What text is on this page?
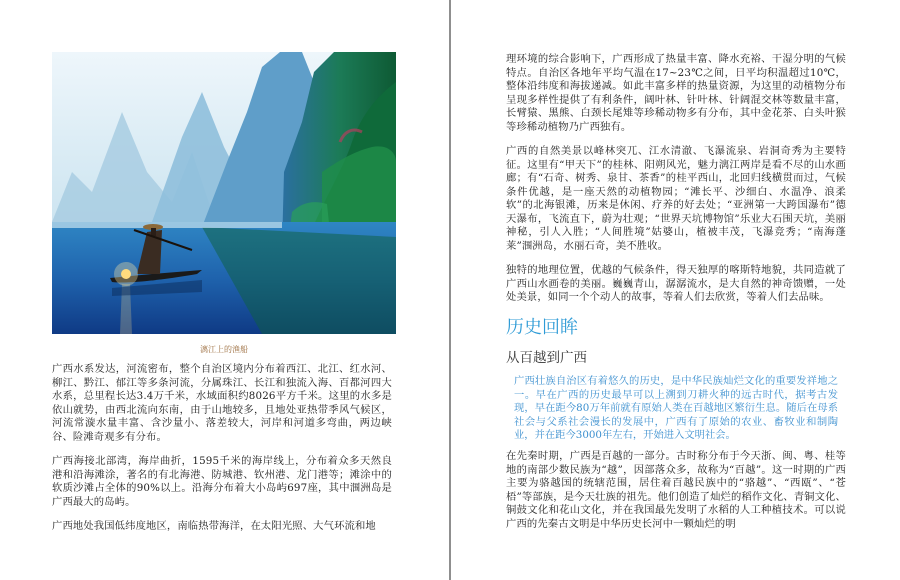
漓江上的渔船

广西水系发达，河流密布，整个自治区境内分布着西江、北江、红水河、柳江、黔江、郁江等多条河流，分属珠江、长江和独流入海、百都河四大水系，总里程长达3.4万千米，水域面积约8026平方千米。这里的水多是依山就势，由西北流向东南，由于山地较多，且地处亚热带季风气候区，河流常漩水量丰富、含沙量小、落差较大，河岸和河道多弯曲，两边峡谷、险滩奇观多有分布。

广西海接北部湾，海岸曲折，1595千米的海岸线上，分布着众多天然良港和沿海滩涂，著名的有北海港、防城港、钦州港、龙门港等；滩涂中的软质沙滩占全体的90%以上。沿海分布着大小岛屿697座，其中涠洲岛是广西最大的岛屿。

广西地处我国低纬度地区，南临热带海洋，在太阳光照、大气环流和地

理环境的综合影响下，广西形成了热量丰富、降水充裕、干湿分明的气候特点。自治区各地年平均气温在17~23℃之间，日平均积温超过10℃，整体沿纬度和海拔递减。如此丰富多样的热量资源，为这里的动植物分布呈现多样性提供了有利条件，阔叶林、针叶林、针阔混交林等数量丰富，长臂猿、黑熊、白颈长尾雉等珍稀动物多有分布，其中金花茶、白头叶猴等珍稀动植物乃广西独有。

广西的自然美景以峰林突兀、江水清澈、飞瀑流泉、岩洞奇秀为主要特征。这里有“甲天下”的桂林、阳朔风光，魅力漓江两岸是看不尽的山水画廊；有“石奇、树秀、泉甘、茶香”的桂平西山，北回归线横贯而过，气候条件优越，是一座天然的动植物园；“滩长平、沙细白、水温净、浪柔软”的北海银滩，历来是休闲、疗养的好去处；“亚洲第一大跨国瀑布”德天瀑布，飞流直下，蔚为壮观；“世界天坑博物馆”乐业大石围天坑，美丽神秘，引人入胜；“人间胜境”姑婆山，植被丰茂，飞瀑竞秀；“南海蓬莱”涠洲岛，水丽石奇，美不胜收。

独特的地理位置，优越的气候条件，得天独厚的喀斯特地貌，共同造就了广西山水画卷的美丽。巍巍青山，潺潺流水，是大自然的神奇馈赠，一处处美景，如同一个个动人的故事，等着人们去欣赏，等着人们去品味。

历史回眸
从百越到广西
广西壮族自治区有着悠久的历史，是中华民族灿烂文化的重要发祥地之一。早在广西的历史最早可以上溯到刀耕火种的远古时代，据考古发现，早在距今80万年前就有原始人类在百越地区繁衍生息。随后在母系社会与父系社会漫长的发展中，广西有了原始的农业、畜牧业和制陶业，并在距今3000年左右，开始进入文明社会。

在先秦时期，广西是百越的一部分。古时称分布于今天浙、闽、粤、桂等地的南部少数民族为“越”，因部落众多，故称为“百越”。这一时期的广西主要为骆越国的统辖范围，居住着百越民族中的“骆越”、“西瓯”、“苍梧”等部族，是今天壮族的祖先。他们创造了灿烂的稻作文化、青铜文化、铜鼓文化和花山文化，并在我国最先发明了水稻的人工种植技术。可以说广西的先秦古文明是中华历史长河中一颗灿烂的明
